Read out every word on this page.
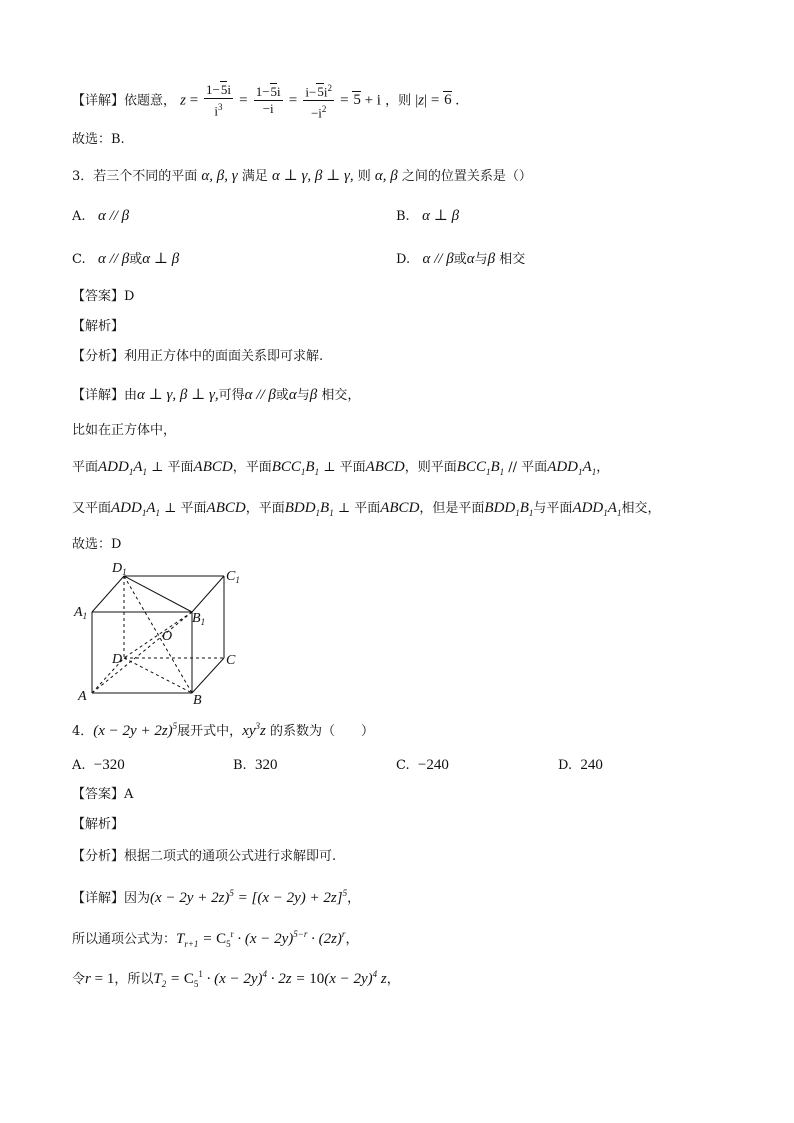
【详解】依题意， $z = \frac{1-5i}{i^3} = \frac{1-5i}{-i} = \frac{i-5i^2}{-i^2} = 5 + i$ ，则 |z| = 6 .
故选：B.
3．若三个不同的平面 α, β, γ 满足 α ⊥ γ, β ⊥ γ, 则 α, β 之间的位置关系是（）
A. α // β	B. α ⊥ β
C. α // β或α ⊥ β	D. α // β或α与β 相交
【答案】D
【解析】
【分析】利用正方体中的面面关系即可求解.
【详解】由α ⊥ γ, β ⊥ γ,可得α // β或α与β 相交，
比如在正方体中，
平面$ADD_1A_1$ ⊥ 平面ABCD，平面$BCC_1B_1$ ⊥ 平面ABCD，则平面$BCC_1B_1$ // 平面$ADD_1A_1$，
又平面$ADD_1A_1$ ⊥ 平面ABCD，平面$BDD_1B_1$ ⊥ 平面ABCD，但是平面$BDD_1B_1$与平面$ADD_1A_1$相交，
故选：D
$D_1$	$C_1$
$A_1$	$B_1$
O
D	C
A	B
4．$(x - 2y + 2z)^5$展开式中，$xy^3z$ 的系数为（　　）
A. −320	B. 320	C. −240	D. 240
【答案】A
【解析】
【分析】根据二项式的通项公式进行求解即可.
【详解】因为$(x - 2y + 2z)^5 = [(x - 2y) + 2z]^5$，
所以通项公式为：$T_{r+1} = C_5^r \cdot (x - 2y)^{5-r} \cdot (2z)^r$，
令r = 1，所以$T_2 = C_5^1 \cdot (x - 2y)^4 \cdot 2z = 10(x - 2y)^4$ z，
